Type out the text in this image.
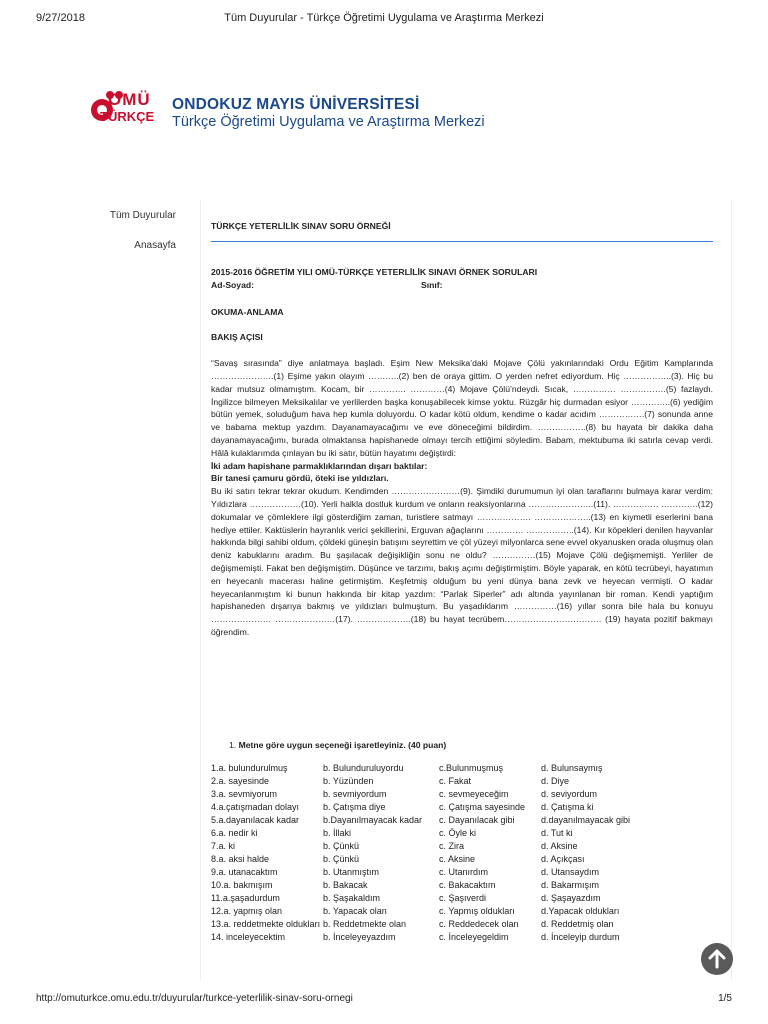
9/27/2018	Tüm Duyurular - Türkçe Öğretimi Uygulama ve Araştırma Merkezi
OMÜ
TÜRKÇE
ONDOKUZ MAYIS ÜNİVERSİTESİ
Türkçe Öğretimi Uygulama ve Araştırma Merkezi
Tüm Duyurular
Anasayfa
TÜRKÇE YETERLİLİK SINAV SORU ÖRNEĞİ
2015-2016 ÖĞRETİM YILI OMÜ-TÜRKÇE YETERLİLİK SINAVI ÖRNEK SORULARI
Ad-Soyad:	Sınıf:
OKUMA-ANLAMA
BAKIŞ AÇISI

“Savaş sırasında” diye anlatmaya başladı. Eşim New Meksika’daki Mojave Çölü yakınlarındaki Ordu Eğitim Kamplarında ………………….(1) Eşime yakın olayım ………..(2) ben de oraya gittim. O yerden nefret ediyordum. Hiç ……………..(3). Hiç bu kadar mutsuz olmamıştım. Kocam, bir …………. …………(4) Mojave Çölü’ndeydi. Sıcak, …………… …………….(5) fazlaydı. İngilizce bilmeyen Meksikalılar ve yerlilerden başka konuşabilecek kimse yoktu. Rüzgâr hiç durmadan esiyor …………..(6) yediğim bütün yemek, soluduğum hava hep kumla doluyordu. O kadar kötü oldum, kendime o kadar acıdım …………….(7) sonunda anne ve babama mektup yazdım. Dayanamayacağımı ve eve döneceğimi bildirdim. ……………..(8) bu hayata bir dakika daha dayanamayacağımı, burada olmaktansa hapishanede olmayı tercih ettiğimi söyledim. Babam, mektubuma iki satırla cevap verdi. Hâlâ kulaklarımda çınlayan bu iki satır, bütün hayatımı değiştirdi:

İki adam hapishane parmaklıklarından dışarı baktılar:

Bir tanesi çamuru gördü, öteki ise yıldızları.

Bu iki satırı tekrar tekrar okudum. Kendimden ……………………(9). Şimdiki durumumun iyi olan taraflarını bulmaya karar verdim: Yıldızlara ………………(10). Yerli halkla dostluk kurdum ve onların reaksiyonlarına …………………..(11). ……………. ………….(12) dokumalar ve çömleklere ilgi gösterdiğim zaman, turistlere satmayı ………………. ………………..(13) en kıymetli eserlerini bana hediye ettiler. Kaktüslerin hayranlık verici şekillerini, Erguvan ağaçlarını …………. ……………..(14). Kır köpekleri denilen hayvanlar hakkında bilgi sahibi oldum, çöldeki güneşin batışını seyrettim ve çöl yüzeyi milyonlarca sene evvel okyanusken orada oluşmuş olan deniz kabuklarını aradım. Bu şaşılacak değişikliğin sonu ne oldu? ……………(15) Mojave Çölü değişmemişti. Yerliler de değişmemişti. Fakat ben değişmiştim. Düşünce ve tarzımı, bakış açımı değiştirmiştim. Böyle yaparak, en kötü tecrübeyi, hayatımın en heyecanlı macerası haline getirmiştim. Keşfetmiş olduğum bu yeni dünya bana zevk ve heyecan vermişti. O kadar heyecanlanmıştım ki bunun hakkında bir kitap yazdım: “Parlak Siperler” adı altında yayınlanan bir roman. Kendi yaptığım hapishaneden dışarıya bakmış ve yıldızları bulmuştum. Bu yaşadıklarım ……………(16) yıllar sonra bile hala bu konuyu ………………… …………………(17). ……………….(18) bu hayat tecrübem……………………………. (19) hayata pozitif bakmayı öğrendim.

1. Metne göre uygun seçeneği işaretleyiniz. (40 puan)
1.a. bulundurulmuş	b. Bulunduruluyordu	c.Bulunmuşmuş	d. Bulunsaymış
2.a. sayesinde	b. Yüzünden	c. Fakat	d. Diye
3.a. sevmiyorum	b. sevmiyordum	c. sevmeyeceğim	d. seviyordum
4.a.çatışmadan dolayı	b. Çatışma diye	c. Çatışma sayesinde d. Çatışma ki
5.a.dayanılacak kadar	b.Dayanılmayacak kadar c. Dayanılacak gibi	d.dayanılmayacak gibi
6.a. nedir ki	b. İllaki	c. Öyle ki	d. Tut ki
7.a. ki	b. Çünkü	c. Zira	d. Aksine
8.a. aksi halde	b. Çünkü	c. Aksine	d. Açıkçası
9.a. utanacaktım	b. Utanmıştım	c. Utanırdım	d. Utansaydım
10.a. bakmışım	b. Bakacak	c. Bakacaktım	d. Bakarmışım
11.a.şaşadurdum	b. Şaşakaldım	c. Şaşıverdi	d. Şaşayazdım
12.a. yapmış olan	b. Yapacak olan	c. Yapmış oldukları	d.Yapacak oldukları
13.a. reddetmekte oldukları b. Reddetmekte olan	c. Reddedecek olan d. Reddetmiş olan
14. inceleyecektim	b. İnceleyeyazdım	c. İnceleyegeldim	d. İnceleyip durdum
http://omuturkce.omu.edu.tr/duyurular/turkce-yeterlilik-sinav-soru-ornegi	1/5
